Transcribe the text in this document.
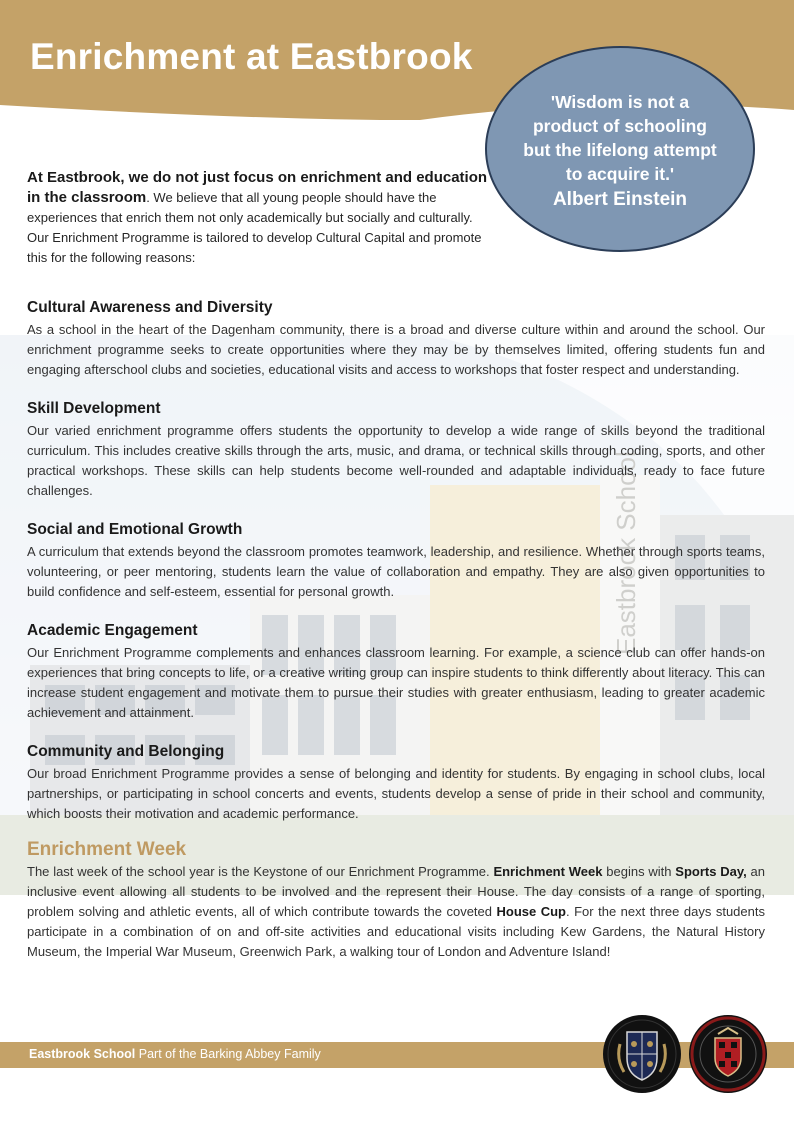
Eastbrook School
Enrichment at Eastbrook
'Wisdom is not a product of schooling but the lifelong attempt to acquire it.'
Albert Einstein
At Eastbrook, we do not just focus on enrichment and education in the classroom. We believe that all young people should have the experiences that enrich them not only academically but socially and culturally. Our Enrichment Programme is tailored to develop Cultural Capital and promote this for the following reasons:
Cultural Awareness and Diversity

As a school in the heart of the Dagenham community, there is a broad and diverse culture within and around the school. Our enrichment programme seeks to create opportunities where they may be by themselves limited, offering students fun and engaging afterschool clubs and societies, educational visits and access to workshops that foster respect and understanding.

Skill Development

Our varied enrichment programme offers students the opportunity to develop a wide range of skills beyond the traditional curriculum. This includes creative skills through the arts, music, and drama, or technical skills through coding, sports, and other practical workshops. These skills can help students become well-rounded and adaptable individuals, ready to face future challenges.

Social and Emotional Growth

A curriculum that extends beyond the classroom promotes teamwork, leadership, and resilience. Whether through sports teams, volunteering, or peer mentoring, students learn the value of collaboration and empathy. They are also given opportunities to build confidence and self-esteem, essential for personal growth.

Academic Engagement

Our Enrichment Programme complements and enhances classroom learning. For example, a science club can offer hands-on experiences that bring concepts to life, or a creative writing group can inspire students to think differently about literacy. This can increase student engagement and motivate them to pursue their studies with greater enthusiasm, leading to greater academic achievement and attainment.

Community and Belonging

Our broad Enrichment Programme provides a sense of belonging and identity for students. By engaging in school clubs, local partnerships, or participating in school concerts and events, students develop a sense of pride in their school and community, which boosts their motivation and academic performance.

Enrichment Week

The last week of the school year is the Keystone of our Enrichment Programme. Enrichment Week begins with Sports Day, an inclusive event allowing all students to be involved and the represent their House. The day consists of a range of sporting, problem solving and athletic events, all of which contribute towards the coveted House Cup. For the next three days students participate in a combination of on and off-site activities and educational visits including Kew Gardens, the Natural History Museum, the Imperial War Museum, Greenwich Park, a walking tour of London and Adventure Island!

Eastbrook School Part of the Barking Abbey Family
